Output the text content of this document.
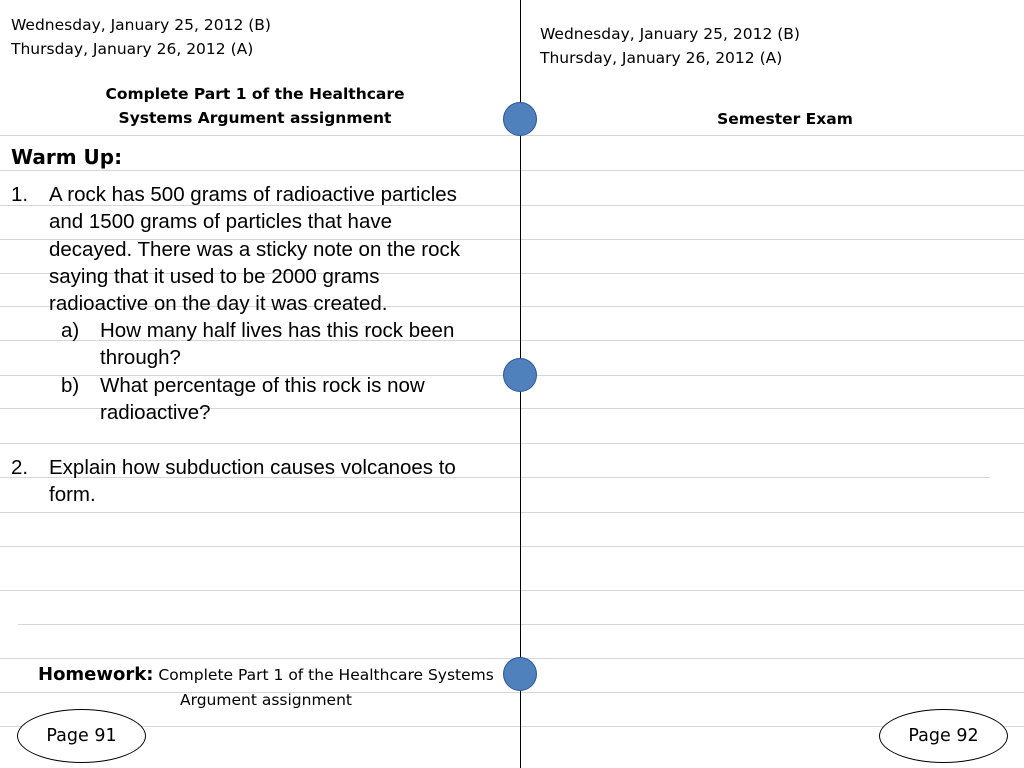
Wednesday, January 25, 2012 (B)
Thursday, January 26, 2012 (A)
Complete Part 1 of the Healthcare
Systems Argument assignment
Warm Up:
1. A rock has 500 grams of radioactive particles
and 1500 grams of particles that have
decayed. There was a sticky note on the rock
saying that it used to be 2000 grams
radioactive on the day it was created.
a) How many half lives has this rock been
through?
b) What percentage of this rock is now
radioactive?
2. Explain how subduction causes volcanoes to
form.
Homework: Complete Part 1 of the Healthcare Systems
Argument assignment
Page 91
Wednesday, January 25, 2012 (B)
Thursday, January 26, 2012 (A)
Semester Exam
Page 92
